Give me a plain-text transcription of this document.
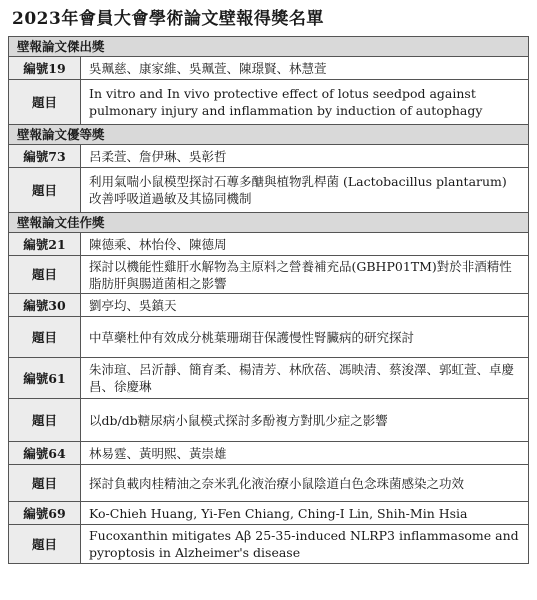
2023年會員大會學術論文壁報得獎名單
壁報論文傑出獎	
編號19	吳珮慈、康家維、吳珮萱、陳璟賢、林慧萱
題目	In vitro and In vivo protective effect of lotus seedpod against pulmonary injury and inflammation by induction of autophagy
壁報論文優等獎	
編號73	呂柔萱、詹伊琳、吳彰哲
題目	利用氣喘小鼠模型探討石蓴多醣與植物乳桿菌 (Lactobacillus plantarum) 改善呼吸道過敏及其協同機制
壁報論文佳作獎	
編號21	陳德乘、林怡伶、陳德周
題目	探討以機能性雞肝水解物為主原料之營養補充品(GBHP01TM)對於非酒精性脂肪肝與腸道菌相之影響
編號30	劉亭均、吳鎮天
題目	中草藥杜仲有效成分桃葉珊瑚苷保護慢性腎臟病的研究探討
編號61	朱沛瑄、呂沂靜、簡育柔、楊清芳、林欣蓓、馮映清、蔡浚澤、郭虹萱、卓慶昌、徐慶琳
題目	以db/db糖尿病小鼠模式探討多酚複方對肌少症之影響
編號64	林易霆、黃明熙、黃崇雄
題目	探討負載肉桂精油之奈米乳化液治療小鼠陰道白色念珠菌感染之功效
編號69	Ko-Chieh Huang, Yi-Fen Chiang, Ching-I Lin, Shih-Min Hsia
題目	Fucoxanthin mitigates Aβ 25-35-induced NLRP3 inflammasome and pyroptosis in Alzheimer's disease
